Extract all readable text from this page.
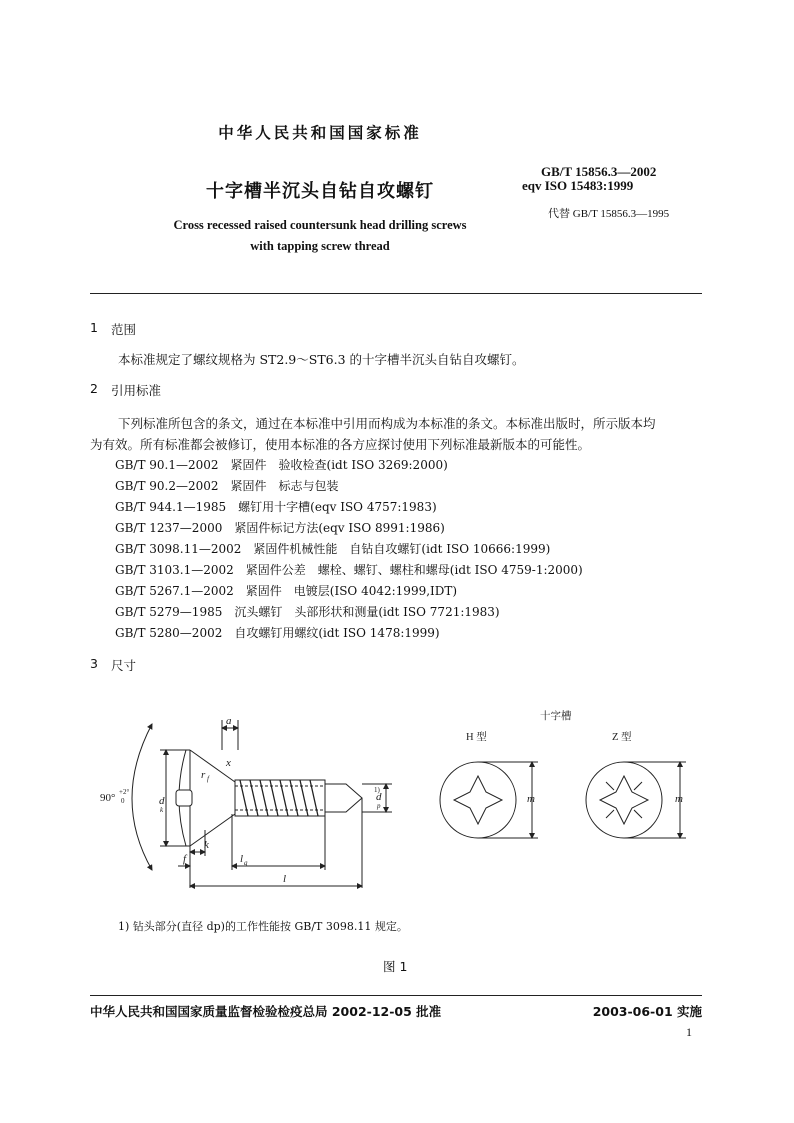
中华人民共和国国家标准
十字槽半沉头自钻自攻螺钉
GB/T 15856.3—2002
eqv ISO 15483:1999
代替 GB/T 15856.3—1995
Cross recessed raised countersunk head drilling screws
with tapping screw thread
1 范围
本标准规定了螺纹规格为 ST2.9～ST6.3 的十字槽半沉头自钻自攻螺钉。
2 引用标准
下列标准所包含的条文，通过在本标准中引用而构成为本标准的条文。本标准出版时，所示版本均
为有效。所有标准都会被修订，使用本标准的各方应探讨使用下列标准最新版本的可能性。
GB/T 90.1—2002　紧固件　验收检查(idt ISO 3269:2000)
GB/T 90.2—2002　紧固件　标志与包装
GB/T 944.1—1985　螺钉用十字槽(eqv ISO 4757:1983)
GB/T 1237—2000　紧固件标记方法(eqv ISO 8991:1986)
GB/T 3098.11—2002　紧固件机械性能　自钻自攻螺钉(idt ISO 10666:1999)
GB/T 3103.1—2002　紧固件公差　螺栓、螺钉、螺柱和螺母(idt ISO 4759-1:2000)
GB/T 5267.1—2002　紧固件　电镀层(ISO 4042:1999,IDT)
GB/T 5279—1985　沉头螺钉　头部形状和测量(idt ISO 7721:1983)
GB/T 5280—2002　自攻螺钉用螺纹(idt ISO 1478:1999)
3 尺寸
90° +2°
0
a
r f
x
d
k
d
p
1)
k
f	l g
l
m	m
十字槽
H 型	Z 型
1) 钻头部分(直径 dp)的工作性能按 GB/T 3098.11 规定。
图 1
中华人民共和国国家质量监督检验检疫总局 2002-12-05 批准	2003-06-01 实施
1
